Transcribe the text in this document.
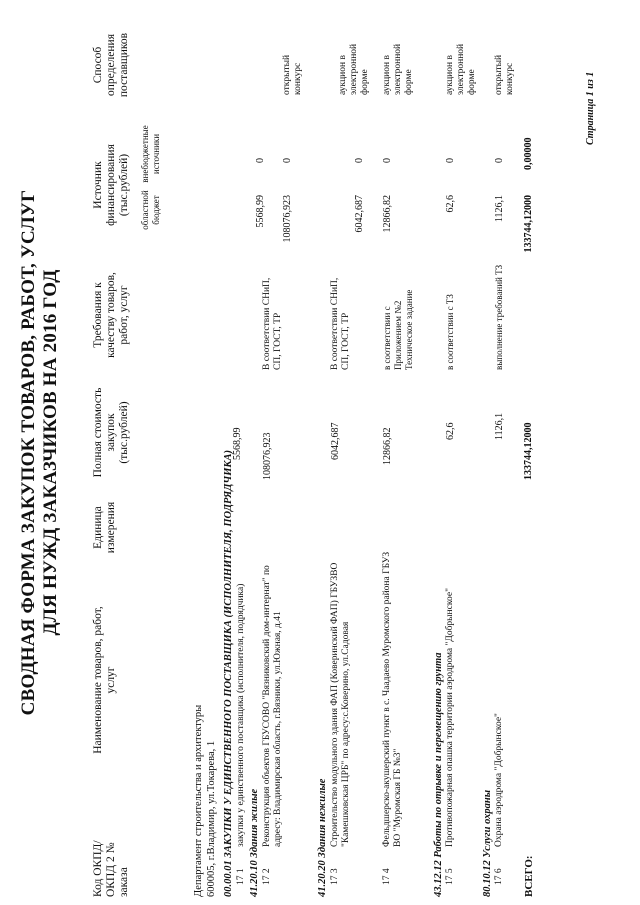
СВОДНАЯ ФОРМА ЗАКУПОК ТОВАРОВ, РАБОТ, УСЛУГ ДЛЯ НУЖД ЗАКАЗЧИКОВ НА 2016 ГОД
Код ОКПД/ ОКПД 2 № заказа
Наименование товаров, работ, услуг
Единица измерения
Полная стоимость закупок (тыс.рублей)
Требования к качеству товаров, работ, услуг
Источник финансирования (тыс.рублей) областной бюджет
внебюджетные источники
Способ определения поставщиков
Департамент строительства и архитектуры 600005, г.Владимир, ул.Токарева, 1 00.00.01 ЗАКУПКИ У ЕДИНСТВЕННОГО ПОСТАВЩИКА (ИСПОЛНИТЕЛЯ, ПОДРЯДЧИКА)
17 1
закупки у единственного поставщика (исполнителя, подрядчика)
5568,99
5568,99
0
41.20.10 Здания жилые
17 2
Реконструкция объектов ГБУСОВО "Вязниковский дом-интернат" по адресу: Владимирская область, г.Вязники, ул.Южная, д.41
108076,923
В соответствии СНиП, СП, ГОСТ, ТР
108076,923
0
открытый конкурс
41.20.20 Здания нежилые
17 3
Строительство модульного здания ФАП (Коверинский ФАП) ГБУЗВО "Камешковская ЦРБ" по адресу:с.Коверино, ул.Садовая
6042,687
В соответствии СНиП, СП, ГОСТ, ТР
6042,687
0
аукцион в электронной форме
17 4
Фельдшерско-акушерский пункт в с. Чаадаево Муромского района ГБУЗ ВО "Муромская ГБ №3"
12866,82
в соответствии с Приложением №2 Техническое задание
12866,82
0
аукцион в электронной форме
43.12.12 Работы по отрывке и перемещению грунта
17 5
Противопожарная опашка территории аэродрома "Добрынское"
62,6
в соответствии с ТЗ
62,6
0
аукцион в электронной форме
80.10.12 Услуги охраны
17 6
Охрана аэродрома "Добрынское"
1126,1
выполнение требований ТЗ
1126,1
0
открытый конкурс
ВСЕГО:
133744,12000
133744,12000
0,00000
Страница 1 из 1
